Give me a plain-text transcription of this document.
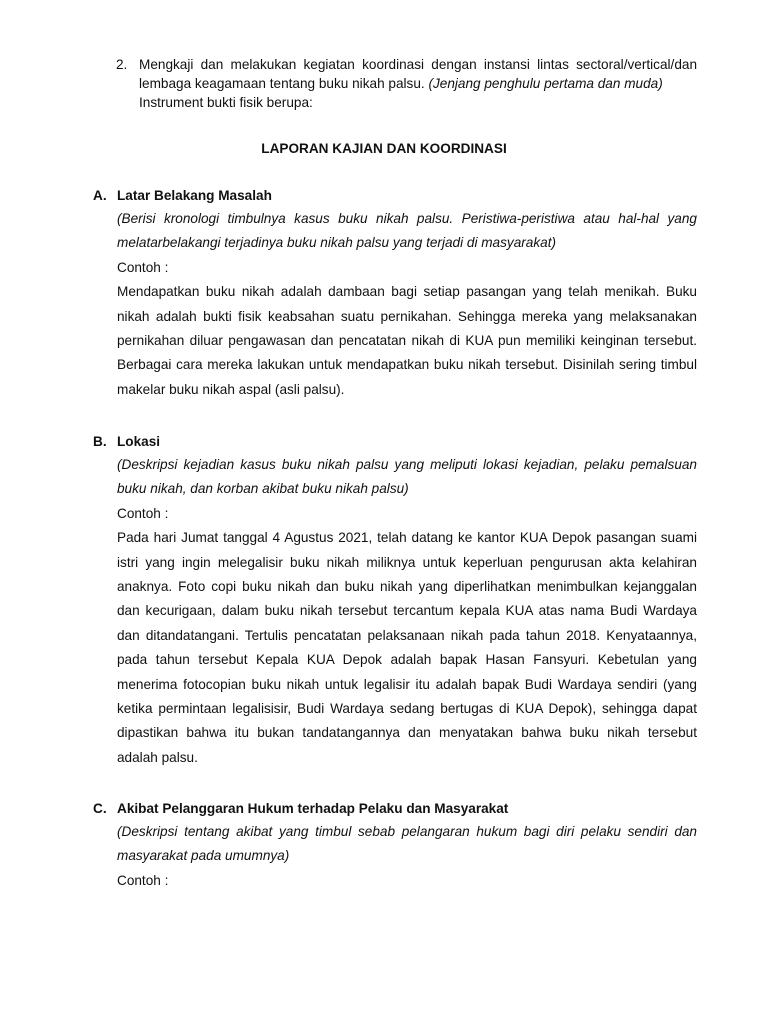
2. Mengkaji dan melakukan kegiatan koordinasi dengan instansi lintas sectoral/vertical/dan lembaga keagamaan tentang buku nikah palsu. (Jenjang penghulu pertama dan muda)
Instrument bukti fisik berupa:
LAPORAN KAJIAN DAN KOORDINASI
A. Latar Belakang Masalah

(Berisi kronologi timbulnya kasus buku nikah palsu. Peristiwa-peristiwa atau hal-hal yang melatarbelakangi terjadinya buku nikah palsu yang terjadi di masyarakat)

Contoh :

Mendapatkan buku nikah adalah dambaan bagi setiap pasangan yang telah menikah. Buku nikah adalah bukti fisik keabsahan suatu pernikahan. Sehingga mereka yang melaksanakan pernikahan diluar pengawasan dan pencatatan nikah di KUA pun memiliki keinginan tersebut. Berbagai cara mereka lakukan untuk mendapatkan buku nikah tersebut. Disinilah sering timbul makelar buku nikah aspal (asli palsu).

B. Lokasi

(Deskripsi kejadian kasus buku nikah palsu yang meliputi lokasi kejadian, pelaku pemalsuan buku nikah, dan korban akibat buku nikah palsu)

Contoh :

Pada hari Jumat tanggal 4 Agustus 2021, telah datang ke kantor KUA Depok pasangan suami istri yang ingin melegalisir buku nikah miliknya untuk keperluan pengurusan akta kelahiran anaknya. Foto copi buku nikah dan buku nikah yang diperlihatkan menimbulkan kejanggalan dan kecurigaan, dalam buku nikah tersebut tercantum kepala KUA atas nama Budi Wardaya dan ditandatangani. Tertulis pencatatan pelaksanaan nikah pada tahun 2018. Kenyataannya, pada tahun tersebut Kepala KUA Depok adalah bapak Hasan Fansyuri. Kebetulan yang menerima fotocopian buku nikah untuk legalisir itu adalah bapak Budi Wardaya sendiri (yang ketika permintaan legalisisir, Budi Wardaya sedang bertugas di KUA Depok), sehingga dapat dipastikan bahwa itu bukan tandatangannya dan menyatakan bahwa buku nikah tersebut adalah palsu.

C. Akibat Pelanggaran Hukum terhadap Pelaku dan Masyarakat

(Deskripsi tentang akibat yang timbul sebab pelangaran hukum bagi diri pelaku sendiri dan masyarakat pada umumnya)

Contoh :
